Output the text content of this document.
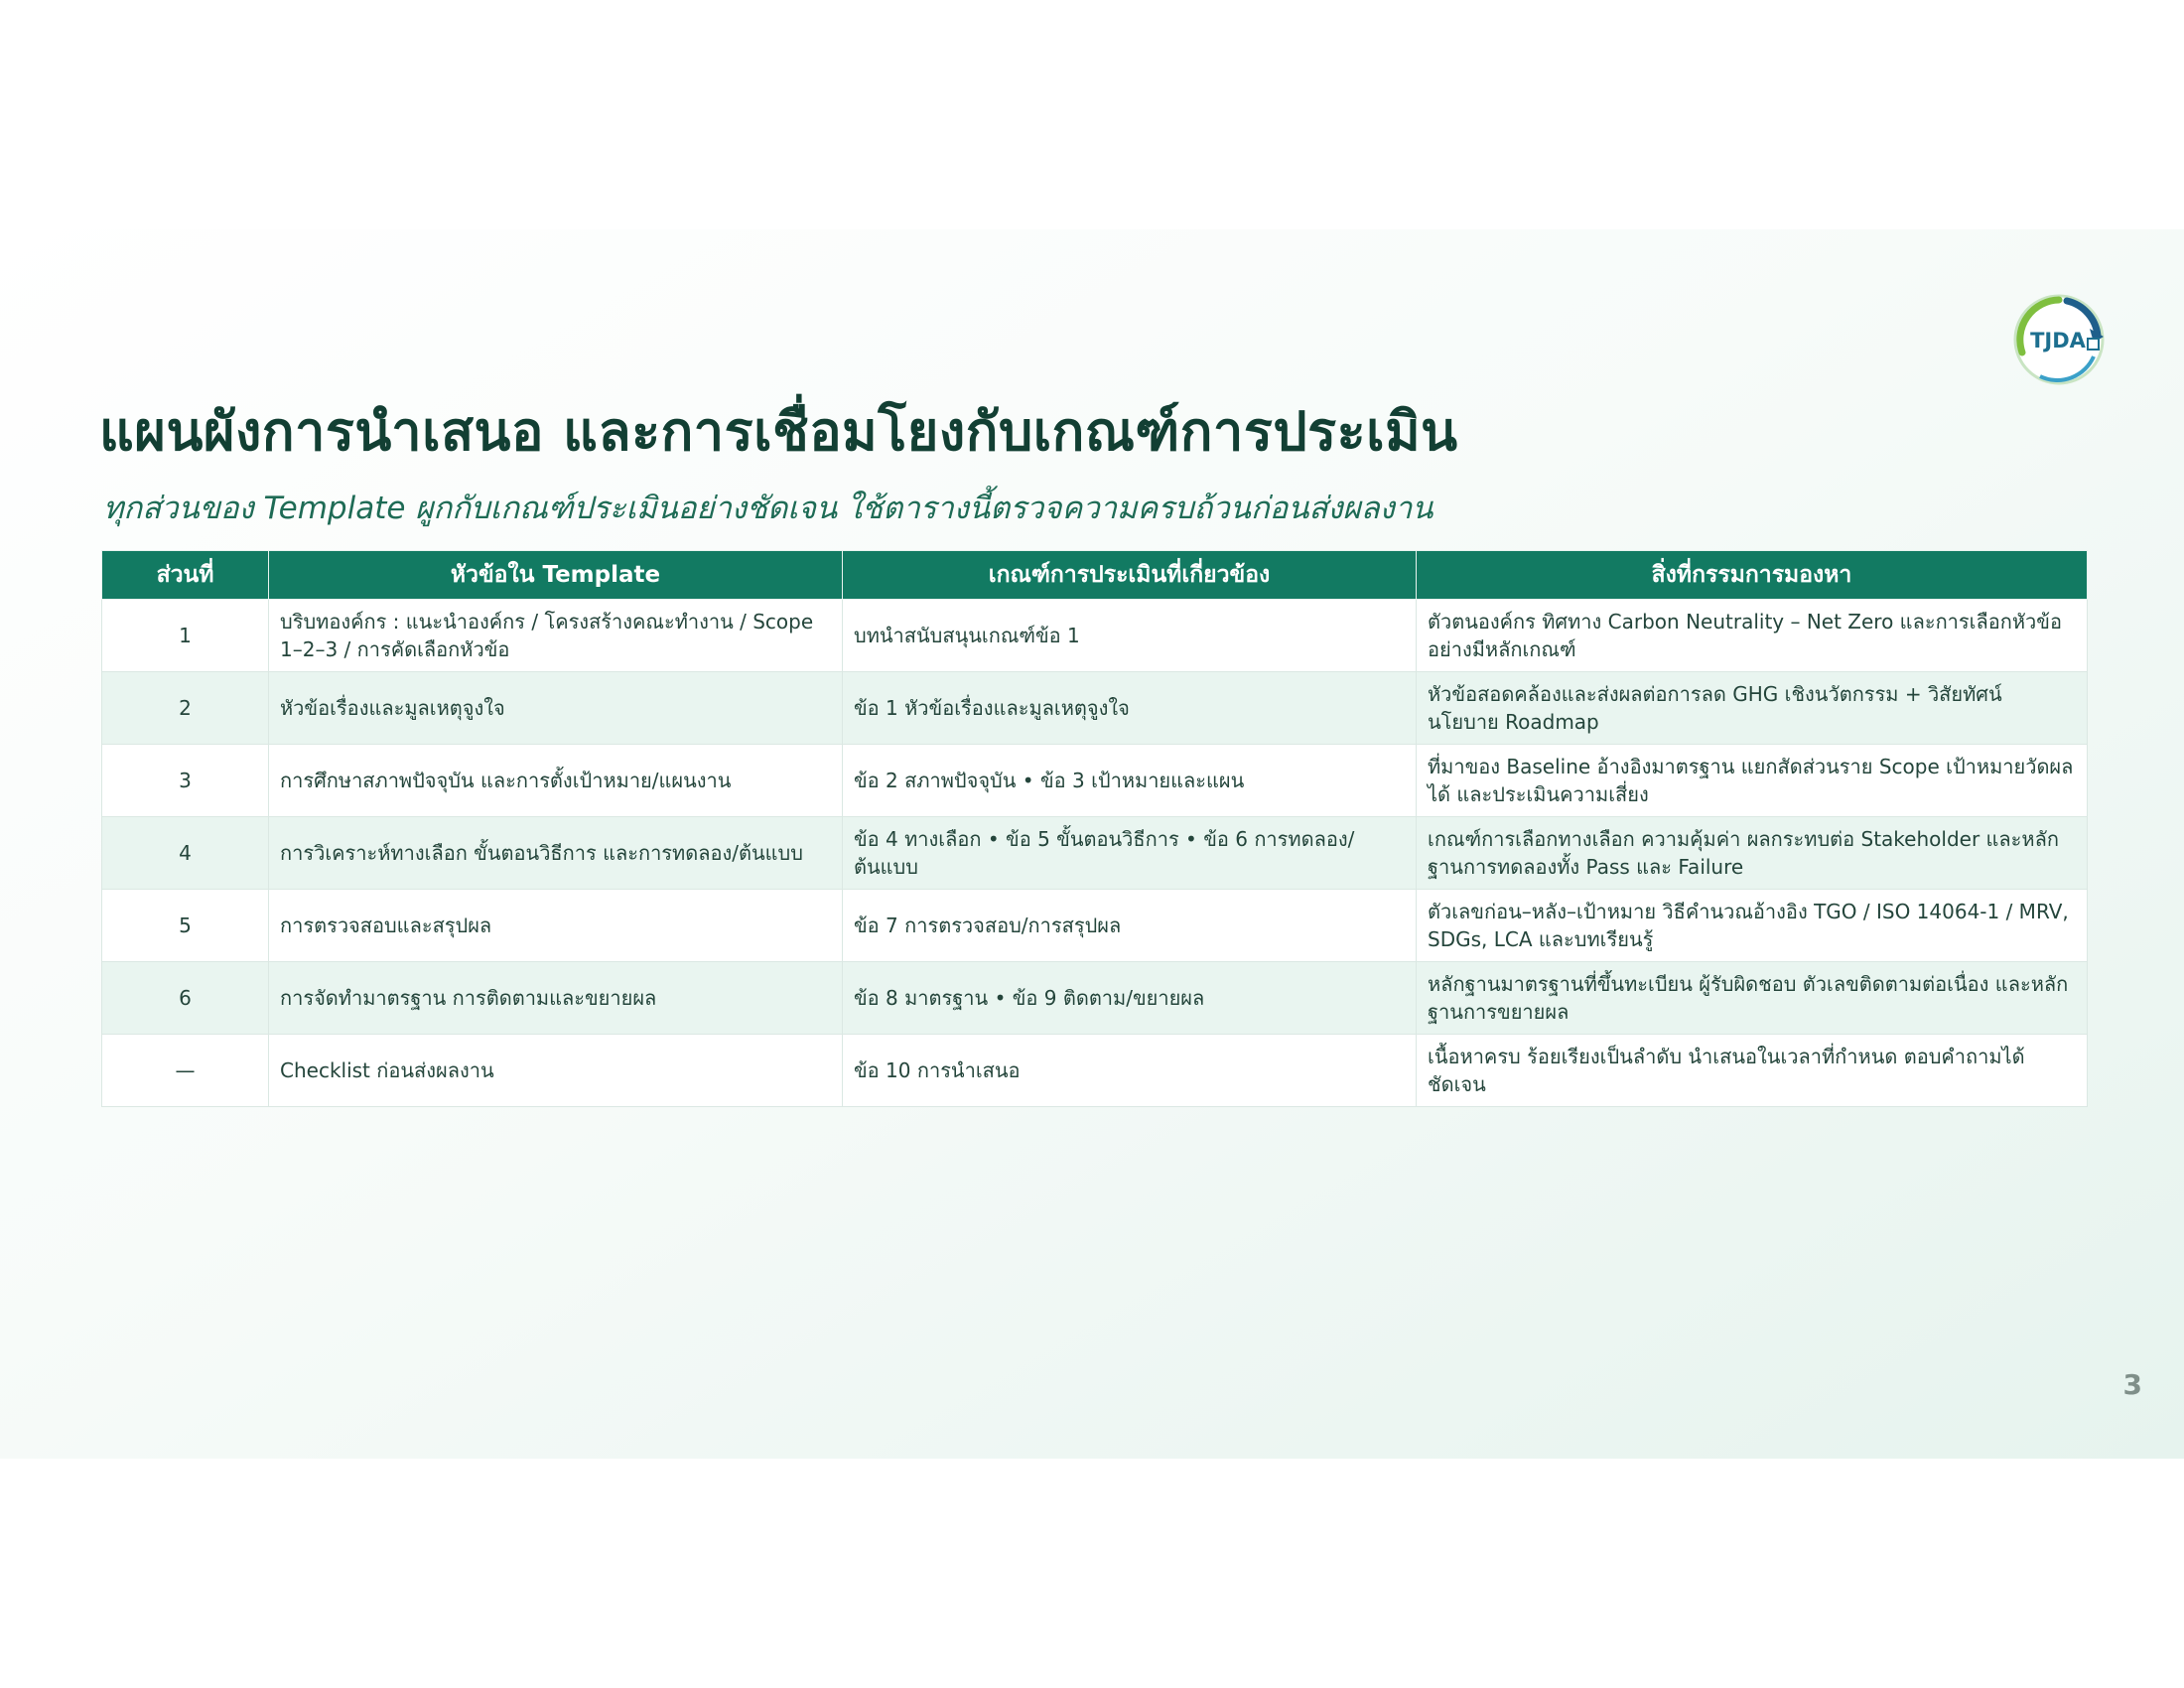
TJDA
แผนผังการนำเสนอ และการเชื่อมโยงกับเกณฑ์การประเมิน

ทุกส่วนของ Template ผูกกับเกณฑ์ประเมินอย่างชัดเจน ใช้ตารางนี้ตรวจความครบถ้วนก่อนส่งผลงาน

ส่วนที่	หัวข้อใน Template	เกณฑ์การประเมินที่เกี่ยวข้อง	สิ่งที่กรรมการมองหา
1	บริบทองค์กร : แนะนำองค์กร / โครงสร้างคณะทำงาน / Scope 1–2–3 / การคัดเลือกหัวข้อ	บทนำสนับสนุนเกณฑ์ข้อ 1	ตัวตนองค์กร ทิศทาง Carbon Neutrality – Net Zero และการเลือกหัวข้ออย่างมีหลักเกณฑ์
2	หัวข้อเรื่องและมูลเหตุจูงใจ	ข้อ 1 หัวข้อเรื่องและมูลเหตุจูงใจ	หัวข้อสอดคล้องและส่งผลต่อการลด GHG เชิงนวัตกรรม + วิสัยทัศน์ นโยบาย Roadmap
3	การศึกษาสภาพปัจจุบัน และการตั้งเป้าหมาย/แผนงาน	ข้อ 2 สภาพปัจจุบัน • ข้อ 3 เป้าหมายและแผน	ที่มาของ Baseline อ้างอิงมาตรฐาน แยกสัดส่วนราย Scope เป้าหมายวัดผลได้ และประเมินความเสี่ยง
4	การวิเคราะห์ทางเลือก ขั้นตอนวิธีการ และการทดลอง/ต้นแบบ	ข้อ 4 ทางเลือก • ข้อ 5 ขั้นตอนวิธีการ • ข้อ 6 การทดลอง/ต้นแบบ	เกณฑ์การเลือกทางเลือก ความคุ้มค่า ผลกระทบต่อ Stakeholder และหลักฐานการทดลองทั้ง Pass และ Failure
5	การตรวจสอบและสรุปผล	ข้อ 7 การตรวจสอบ/การสรุปผล	ตัวเลขก่อน–หลัง–เป้าหมาย วิธีคำนวณอ้างอิง TGO / ISO 14064-1 / MRV, SDGs, LCA และบทเรียนรู้
6	การจัดทำมาตรฐาน การติดตามและขยายผล	ข้อ 8 มาตรฐาน • ข้อ 9 ติดตาม/ขยายผล	หลักฐานมาตรฐานที่ขึ้นทะเบียน ผู้รับผิดชอบ ตัวเลขติดตามต่อเนื่อง และหลักฐานการขยายผล
—	Checklist ก่อนส่งผลงาน	ข้อ 10 การนำเสนอ	เนื้อหาครบ ร้อยเรียงเป็นลำดับ นำเสนอในเวลาที่กำหนด ตอบคำถามได้ชัดเจน
3
